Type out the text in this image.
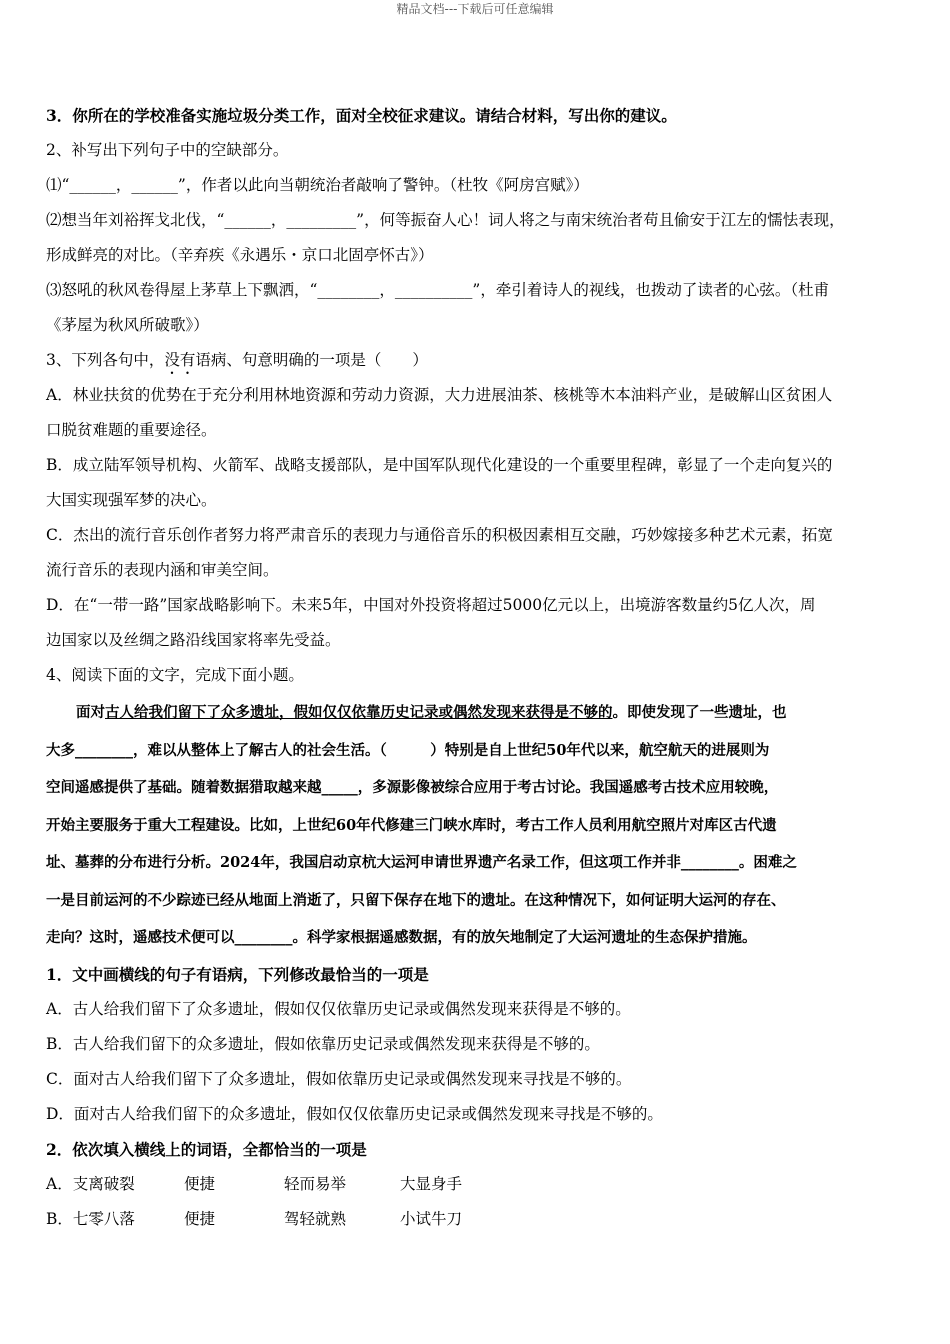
精品文档---下载后可任意编辑

3．你所在的学校准备实施垃圾分类工作，面对全校征求建议。请结合材料，写出你的建议。

2、补写出下列句子中的空缺部分。

⑴“______，______”，作者以此向当朝统治者敲响了警钟。（杜牧《阿房宫赋》）

⑵想当年刘裕挥戈北伐，“______，_________”，何等振奋人心！词人将之与南宋统治者苟且偷安于江左的懦怯表现，

形成鲜亮的对比。（辛弃疾《永遇乐・京口北固亭怀古》）

⑶怒吼的秋风卷得屋上茅草上下飘洒，“________，__________”，牵引着诗人的视线，也拨动了读者的心弦。（杜甫

《茅屋为秋风所破歌》）

3、下列各句中，没有语病、句意明确的一项是（　　）

A．林业扶贫的优势在于充分利用林地资源和劳动力资源，大力进展油茶、核桃等木本油料产业，是破解山区贫困人

口脱贫难题的重要途径。

B．成立陆军领导机构、火箭军、战略支援部队，是中国军队现代化建设的一个重要里程碑，彰显了一个走向复兴的

大国实现强军梦的决心。

C．杰出的流行音乐创作者努力将严肃音乐的表现力与通俗音乐的积极因素相互交融，巧妙嫁接多种艺术元素，拓宽

流行音乐的表现内涵和审美空间。

D．在“一带一路”国家战略影响下。未来5年，中国对外投资将超过5000亿元以上，出境游客数量约5亿人次，周

边国家以及丝绸之路沿线国家将率先受益。

4、阅读下面的文字，完成下面小题。

面对古人给我们留下了众多遗址，假如仅仅依靠历史记录或偶然发现来获得是不够的。即使发现了一些遗址，也

大多________，难以从整体上了解古人的社会生活。（　　　）特别是自上世纪50年代以来，航空航天的进展则为

空间遥感提供了基础。随着数据猎取越来越_____，多源影像被综合应用于考古讨论。我国遥感考古技术应用较晚，

开始主要服务于重大工程建设。比如，上世纪60年代修建三门峡水库时，考古工作人员利用航空照片对库区古代遗

址、墓葬的分布进行分析。2024年，我国启动京杭大运河申请世界遗产名录工作，但这项工作并非________。困难之

一是目前运河的不少踪迹已经从地面上消逝了，只留下保存在地下的遗址。在这种情况下，如何证明大运河的存在、

走向？这时，遥感技术便可以________。科学家根据遥感数据，有的放矢地制定了大运河遗址的生态保护措施。

1．文中画横线的句子有语病，下列修改最恰当的一项是

A．古人给我们留下了众多遗址，假如仅仅依靠历史记录或偶然发现来获得是不够的。

B．古人给我们留下的众多遗址，假如依靠历史记录或偶然发现来获得是不够的。

C．面对古人给我们留下了众多遗址，假如依靠历史记录或偶然发现来寻找是不够的。

D．面对古人给我们留下的众多遗址，假如仅仅依靠历史记录或偶然发现来寻找是不够的。

2．依次填入横线上的词语，全都恰当的一项是

A．支离破裂	便捷	轻而易举	大显身手

B．七零八落	便捷	驾轻就熟	小试牛刀
